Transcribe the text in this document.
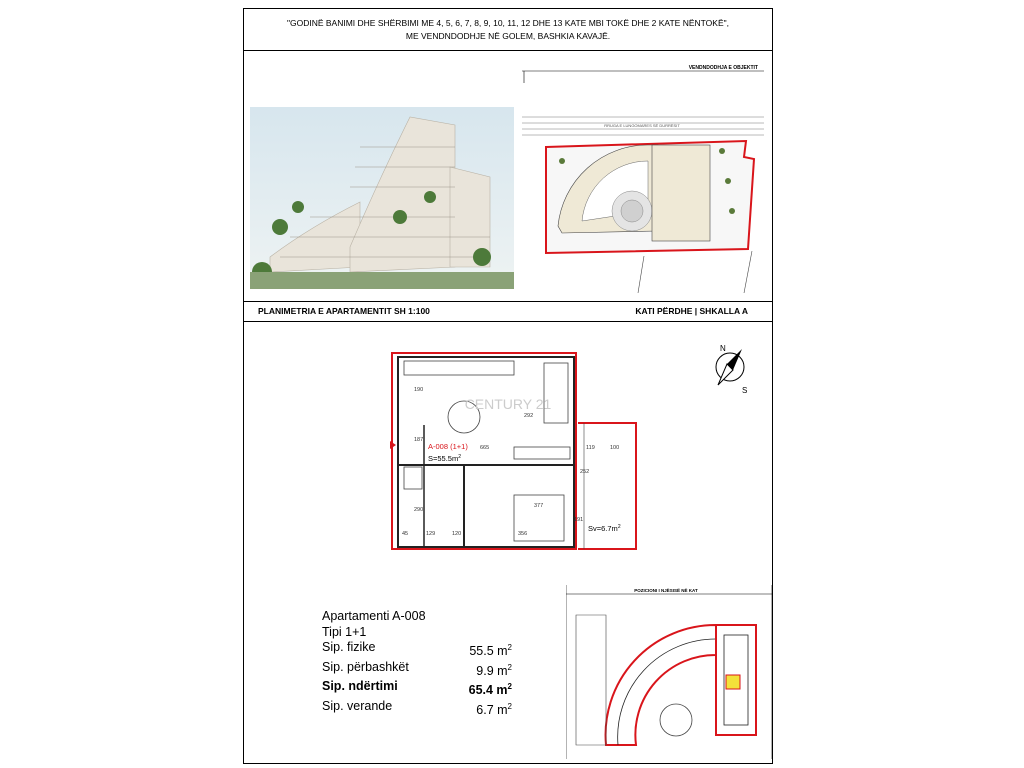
"GODINË BANIMI DHE SHËRBIMI ME 4, 5, 6, 7, 8, 9, 10, 11, 12 DHE 13 KATE MBI TOKË DHE 2 KATE NËNTOKË",
ME VENDNDODHJE NË GOLEM, BASHKIA KAVAJË.
VENDNDODHJA E OBJEKTIT
RRUGA E LUNGOMARES SË DURRËSIT
PLANIMETRIA E APARTAMENTIT SH 1:100	KATI PËRDHE | SHKALLA A
CENTURY 21
A-008 (1+1)
$S=55.5m^2$
$Sv=6.7m^2$
665	119	100
252
377
356
120
129
45
190
187
290
292
191
N
S
Apartamenti A-008
Tipi 1+1
Sip. fizike	55.5 $m^2$
Sip. përbashkët	9.9 $m^2$
Sip. ndërtimi	65.4 $m^2$
Sip. verande	6.7 $m^2$
POZICIONI I NJËSISË NË KAT
